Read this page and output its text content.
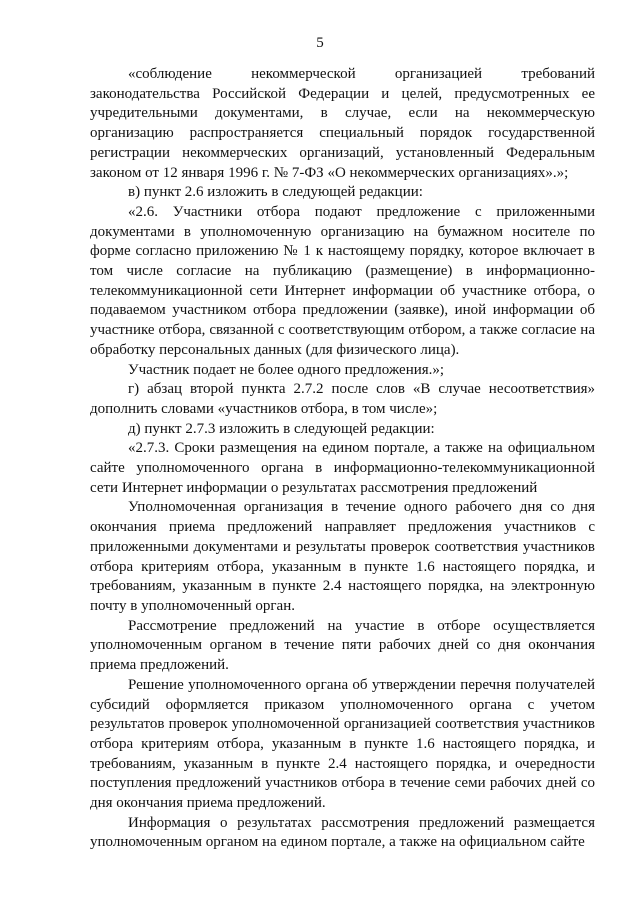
5

«соблюдение некоммерческой организацией требований законодательства Российской Федерации и целей, предусмотренных ее учредительными документами, в случае, если на некоммерческую организацию распространяется специальный порядок государственной регистрации некоммерческих организаций, установленный Федеральным законом от 12 января 1996 г. № 7-ФЗ «О некоммерческих организациях».»;

в) пункт 2.6 изложить в следующей редакции:

«2.6. Участники отбора подают предложение с приложенными документами в уполномоченную организацию на бумажном носителе по форме согласно приложению № 1 к настоящему порядку, которое включает в том числе согласие на публикацию (размещение) в информационно-телекоммуникационной сети Интернет информации об участнике отбора, о подаваемом участником отбора предложении (заявке), иной информации об участнике отбора, связанной с соответствующим отбором, а также согласие на обработку персональных данных (для физического лица).

Участник подает не более одного предложения.»;

г) абзац второй пункта 2.7.2 после слов «В случае несоответствия» дополнить словами «участников отбора, в том числе»;

д) пункт 2.7.3 изложить в следующей редакции:

«2.7.3. Сроки размещения на едином портале, а также на официальном сайте уполномоченного органа в информационно-телекоммуникационной сети Интернет информации о результатах рассмотрения предложений

Уполномоченная организация в течение одного рабочего дня со дня окончания приема предложений направляет предложения участников с приложенными документами и результаты проверок соответствия участников отбора критериям отбора, указанным в пункте 1.6 настоящего порядка, и требованиям, указанным в пункте 2.4 настоящего порядка, на электронную почту в уполномоченный орган.

Рассмотрение предложений на участие в отборе осуществляется уполномоченным органом в течение пяти рабочих дней со дня окончания приема предложений.

Решение уполномоченного органа об утверждении перечня получателей субсидий оформляется приказом уполномоченного органа с учетом результатов проверок уполномоченной организацией соответствия участников отбора критериям отбора, указанным в пункте 1.6 настоящего порядка, и требованиям, указанным в пункте 2.4 настоящего порядка, и очередности поступления предложений участников отбора в течение семи рабочих дней со дня окончания приема предложений.

Информация о результатах рассмотрения предложений размещается уполномоченным органом на едином портале, а также на официальном сайте
